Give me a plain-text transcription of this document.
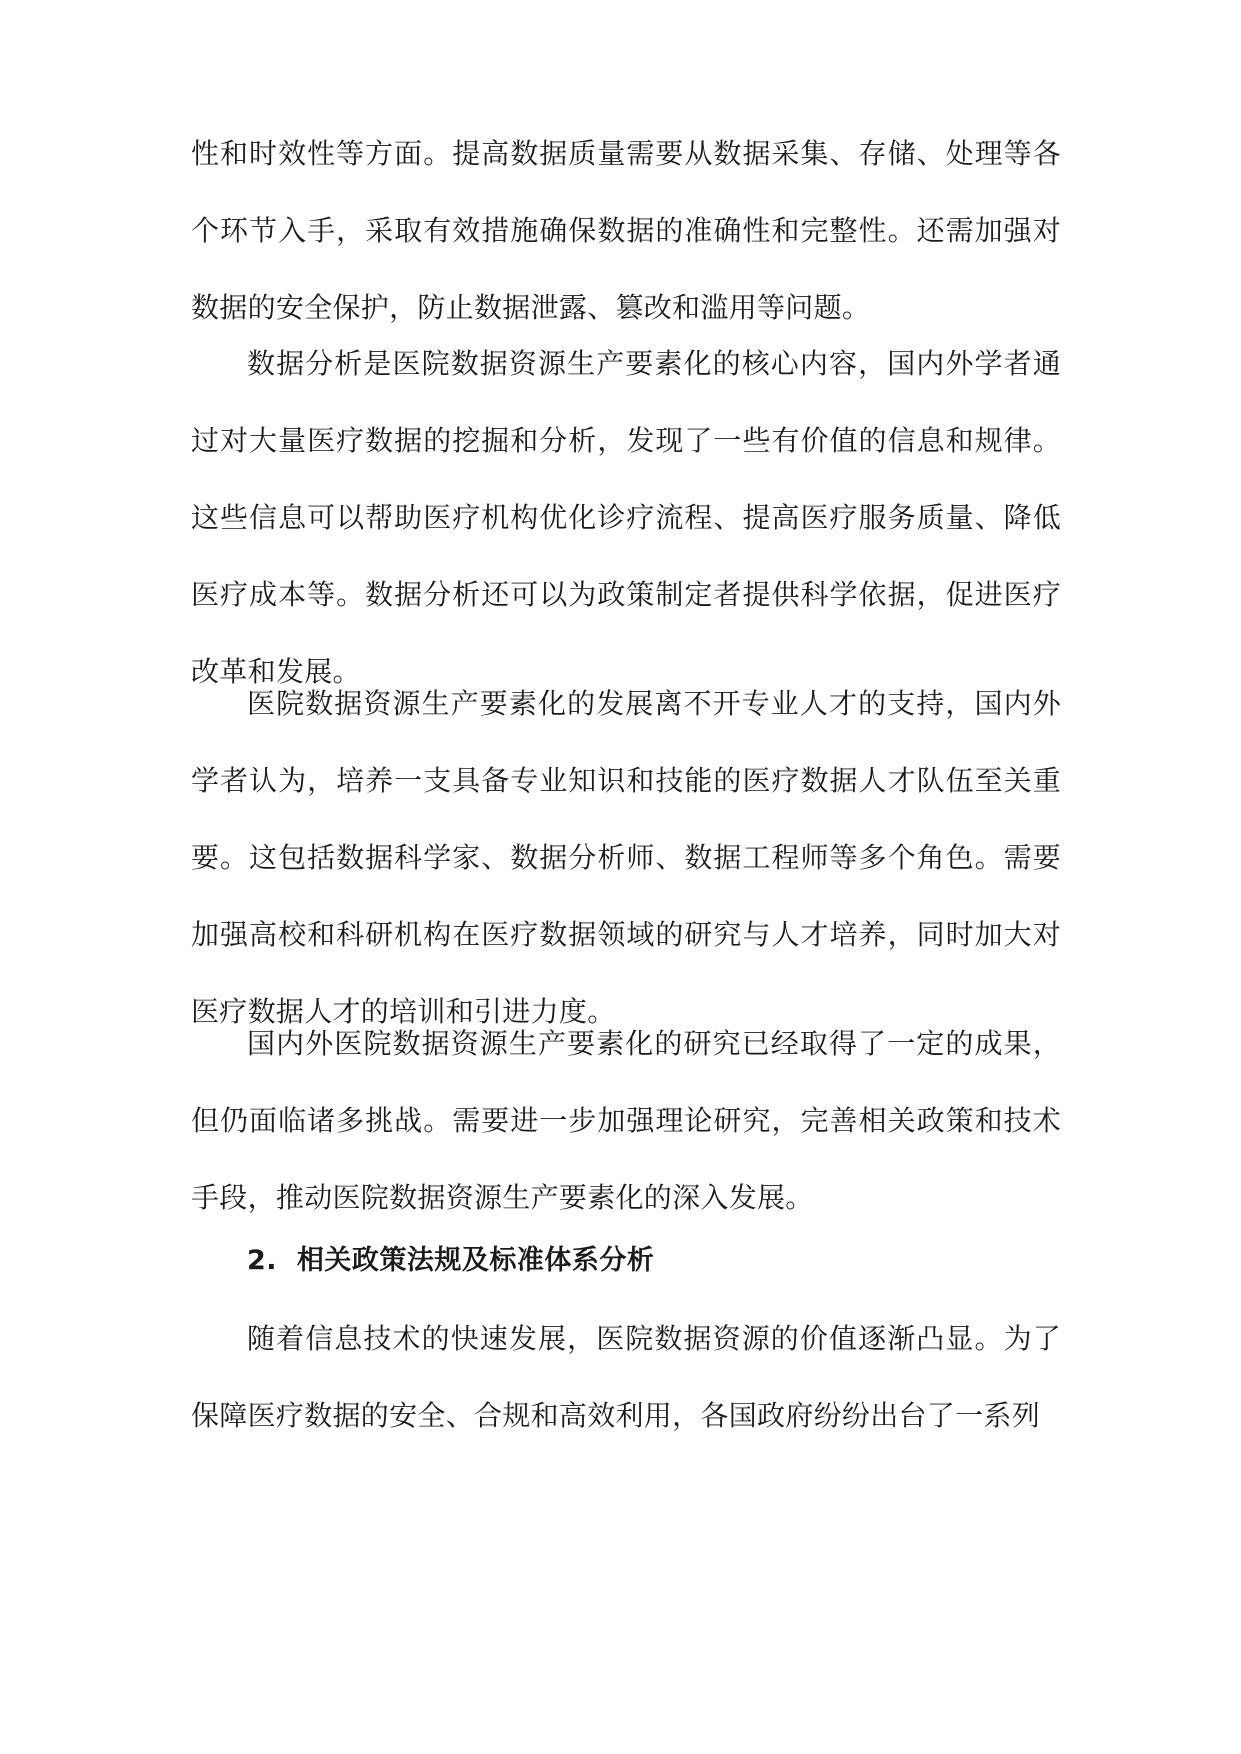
性和时效性等方面。提高数据质量需要从数据采集、存储、处理等各个环节入手，采取有效措施确保数据的准确性和完整性。还需加强对数据的安全保护，防止数据泄露、篡改和滥用等问题。

数据分析是医院数据资源生产要素化的核心内容，国内外学者通过对大量医疗数据的挖掘和分析，发现了一些有价值的信息和规律。这些信息可以帮助医疗机构优化诊疗流程、提高医疗服务质量、降低医疗成本等。数据分析还可以为政策制定者提供科学依据，促进医疗改革和发展。

医院数据资源生产要素化的发展离不开专业人才的支持，国内外学者认为，培养一支具备专业知识和技能的医疗数据人才队伍至关重要。这包括数据科学家、数据分析师、数据工程师等多个角色。需要加强高校和科研机构在医疗数据领域的研究与人才培养，同时加大对医疗数据人才的培训和引进力度。

国内外医院数据资源生产要素化的研究已经取得了一定的成果，但仍面临诸多挑战。需要进一步加强理论研究，完善相关政策和技术手段，推动医院数据资源生产要素化的深入发展。

2. 相关政策法规及标准体系分析

随着信息技术的快速发展，医院数据资源的价值逐渐凸显。为了保障医疗数据的安全、合规和高效利用，各国政府纷纷出台了一系列
